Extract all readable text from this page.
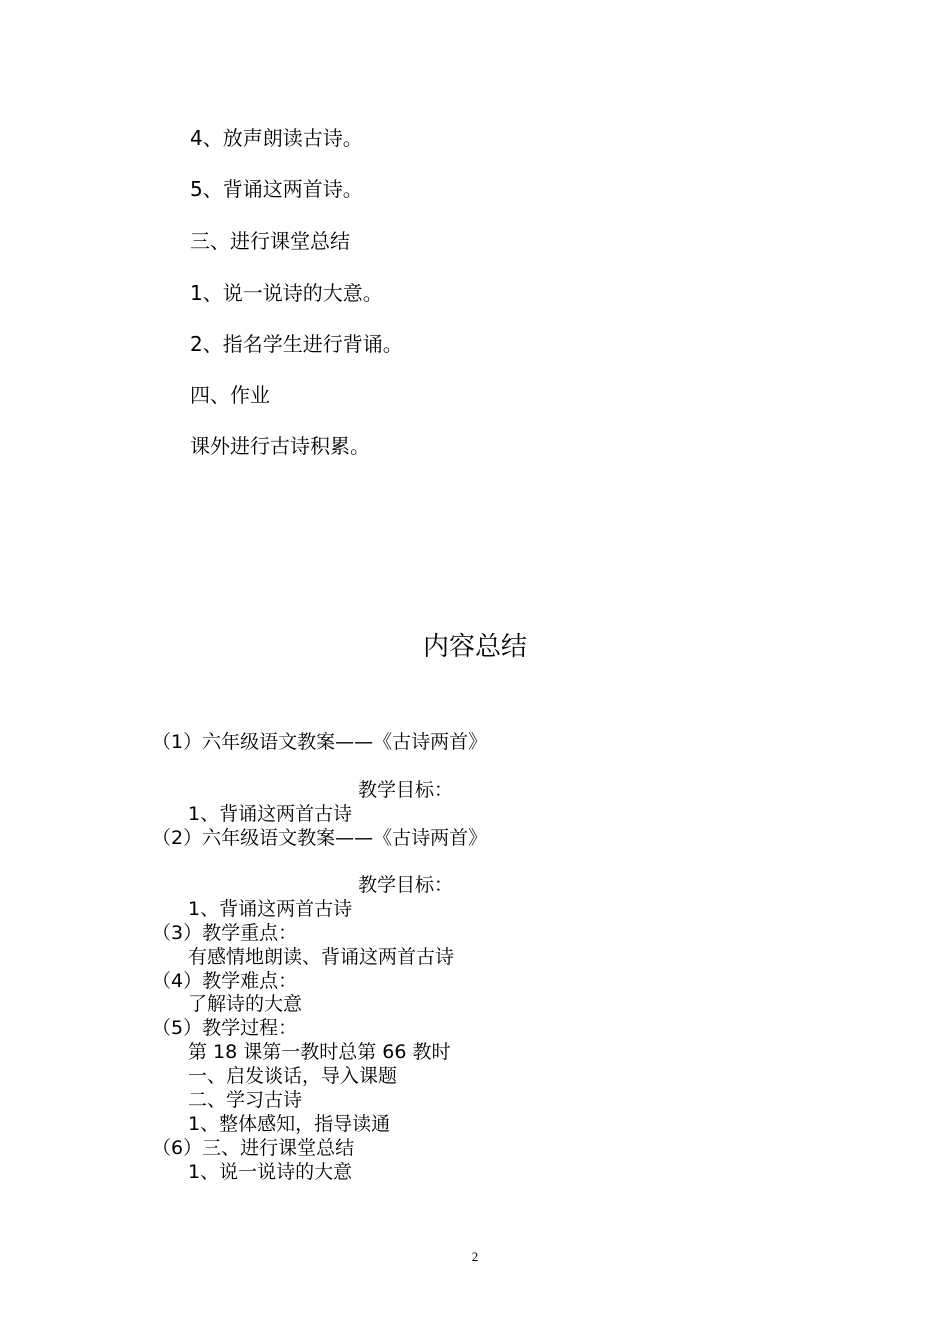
4、放声朗读古诗。
5、背诵这两首诗。
三、进行课堂总结
1、说一说诗的大意。
2、指名学生进行背诵。
四、作业
课外进行古诗积累。
内容总结
（1）六年级语文教案——《古诗两首》
教学目标：
1、背诵这两首古诗
（2）六年级语文教案——《古诗两首》
教学目标：
1、背诵这两首古诗
（3）教学重点：
有感情地朗读、背诵这两首古诗
（4）教学难点：
了解诗的大意
（5）教学过程：
第 18 课第一教时总第 66 教时
一、启发谈话，导入课题
二、学习古诗
1、整体感知，指导读通
（6）三、进行课堂总结
1、说一说诗的大意
2
